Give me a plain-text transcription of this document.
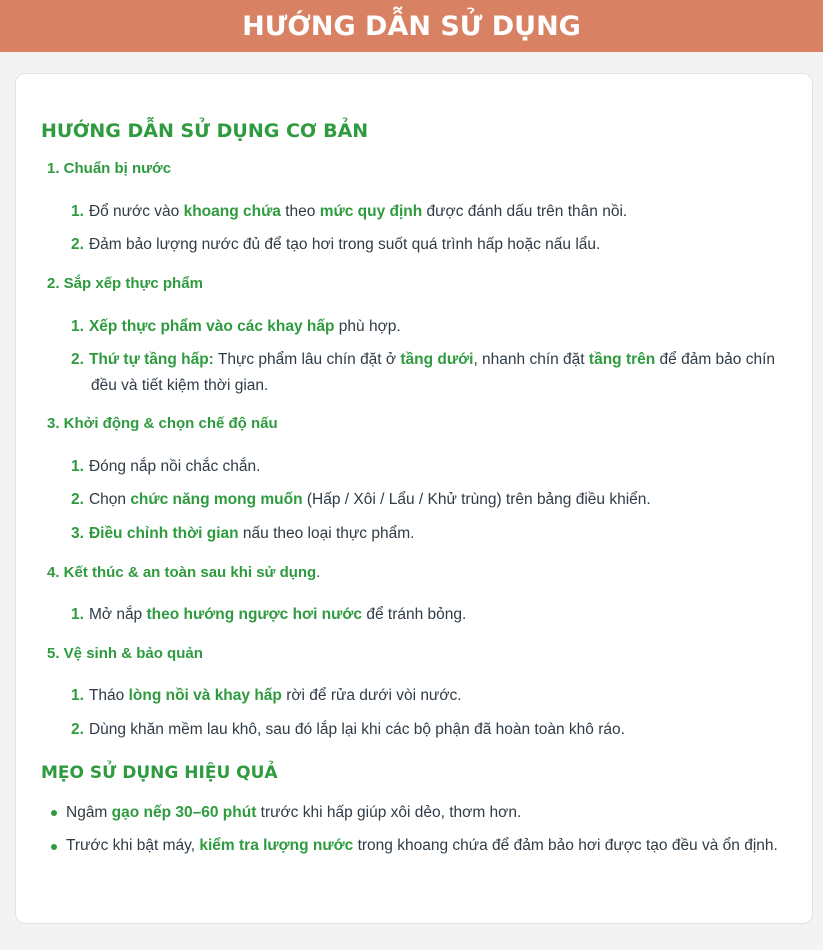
HƯỚNG DẪN SỬ DỤNG
HƯỚNG DẪN SỬ DỤNG CƠ BẢN
1. Chuẩn bị nước
1. Đổ nước vào khoang chứa theo mức quy định được đánh dấu trên thân nồi.
2. Đảm bảo lượng nước đủ để tạo hơi trong suốt quá trình hấp hoặc nấu lẩu.
2. Sắp xếp thực phẩm
1. Xếp thực phẩm vào các khay hấp phù hợp.
2. Thứ tự tầng hấp: Thực phẩm lâu chín đặt ở tầng dưới, nhanh chín đặt tầng trên để đảm bảo chín đều và tiết kiệm thời gian.
3. Khởi động & chọn chế độ nấu
1. Đóng nắp nồi chắc chắn.
2. Chọn chức năng mong muốn (Hấp / Xôi / Lẩu / Khử trùng) trên bảng điều khiển.
3. Điều chỉnh thời gian nấu theo loại thực phẩm.
4. Kết thúc & an toàn sau khi sử dụng.
1. Mở nắp theo hướng ngược hơi nước để tránh bỏng.
5. Vệ sinh & bảo quản
1. Tháo lòng nồi và khay hấp rời để rửa dưới vòi nước.
2. Dùng khăn mềm lau khô, sau đó lắp lại khi các bộ phận đã hoàn toàn khô ráo.
MẸO SỬ DỤNG HIỆU QUẢ
Ngâm gạo nếp 30–60 phút trước khi hấp giúp xôi dẻo, thơm hơn.
Trước khi bật máy, kiểm tra lượng nước trong khoang chứa để đảm bảo hơi được tạo đều và ổn định.
